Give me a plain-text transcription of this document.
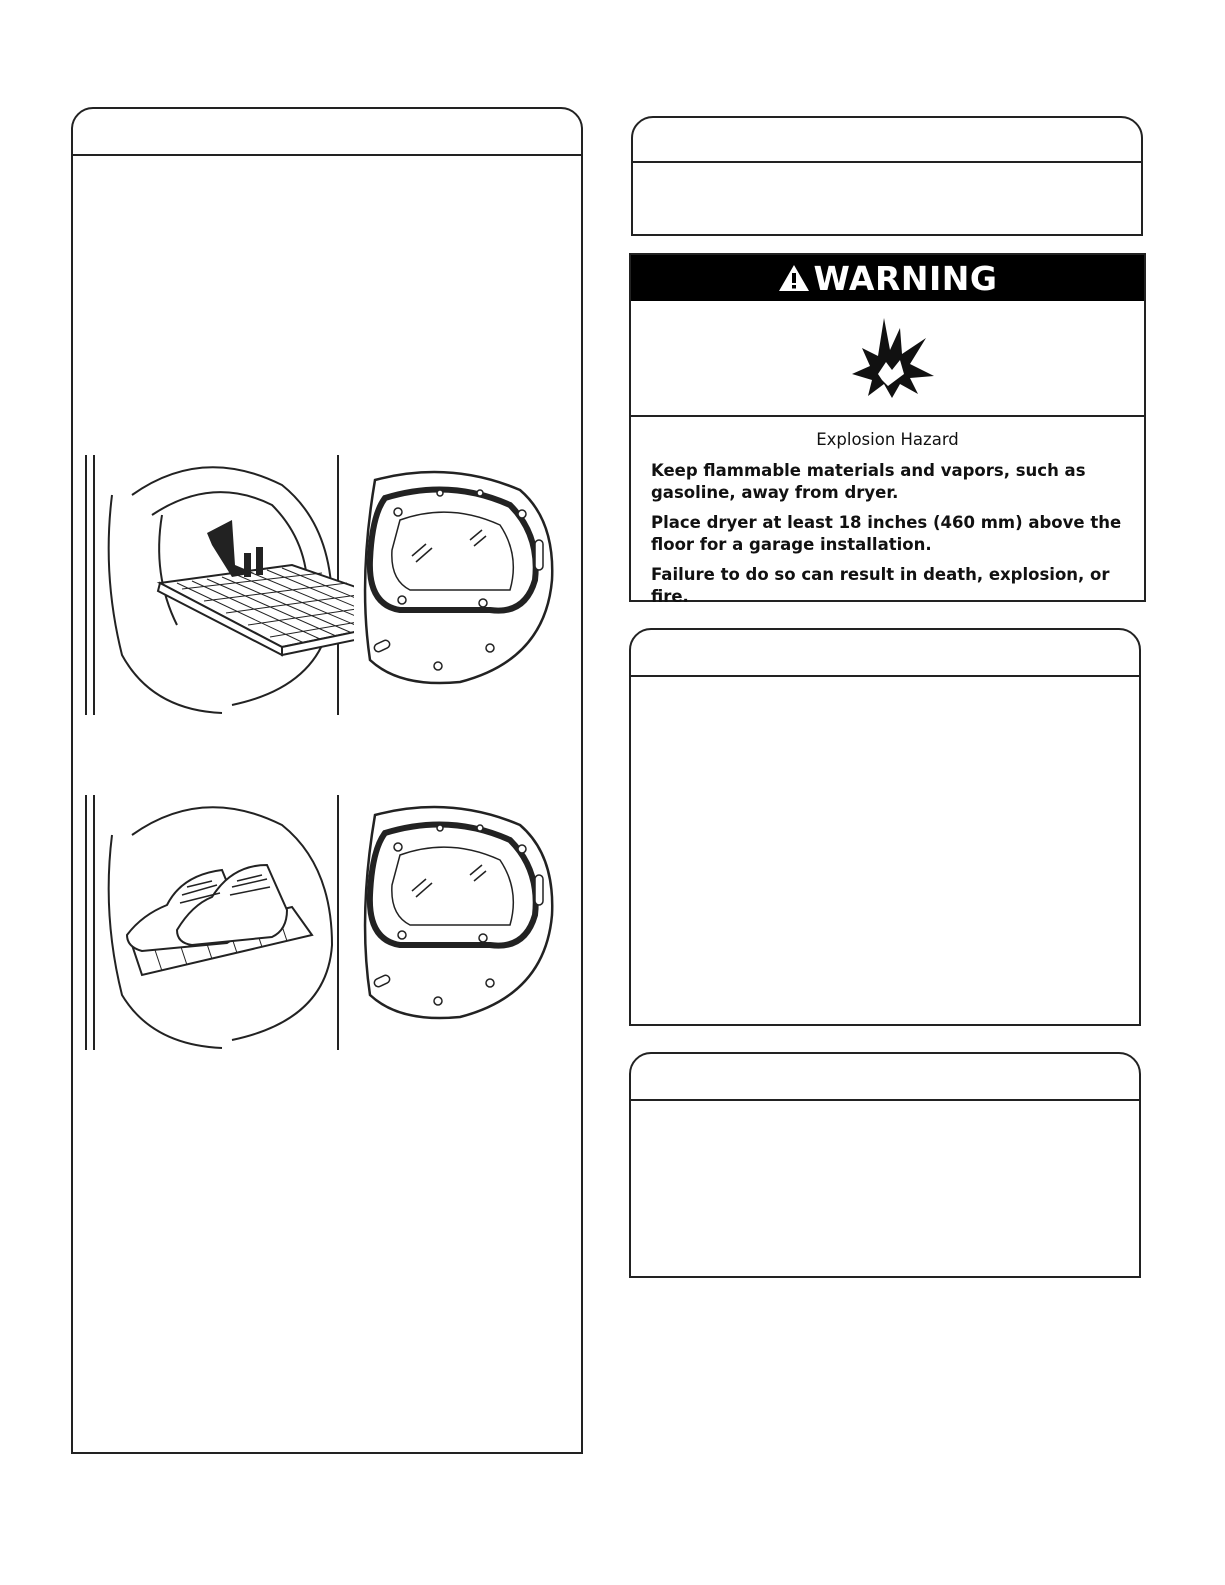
WARNING

Explosion Hazard

Keep flammable materials and vapors, such as gasoline, away from dryer.

Place dryer at least 18 inches (460 mm) above the floor for a garage installation.

Failure to do so can result in death, explosion, or fire.
